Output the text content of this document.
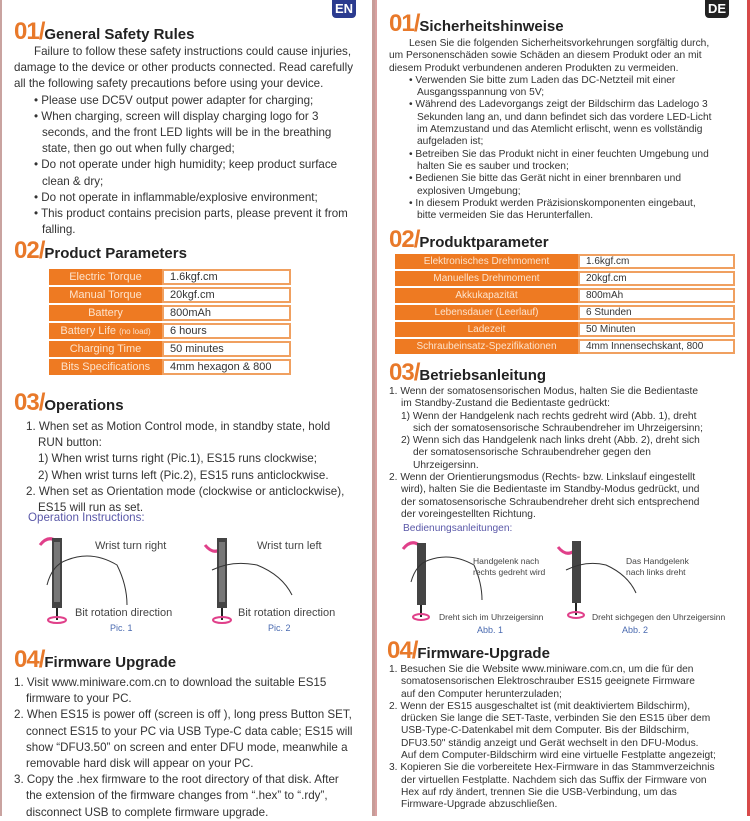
EN
01/General Safety Rules
Failure to follow these safety instructions could cause injuries,
damage to the device or other products connected. Read carefully
all the following safety precautions before using your device.
• Please use DC5V output power adapter for charging;
• When charging, screen will display charging logo for 3
seconds, and the front LED lights will be in the breathing
state, then go out when fully charged;
• Do not operate under high humidity; keep product surface
clean & dry;
• Do not operate in inflammable/explosive environment;
• This product contains precision parts, please prevent it from
falling.
02/Product Parameters
Electric Torque	1.6kgf.cm
Manual Torque	20kgf.cm
Battery	800mAh
Battery Life (no load)	6 hours
Charging Time	50 minutes
Bits Specifications	4mm hexagon & 800
03/Operations
1. When set as Motion Control mode, in standby state, hold
RUN button:
1) When wrist turns right (Pic.1), ES15 runs clockwise;
2) When wrist turns left (Pic.2), ES15 runs anticlockwise.
2. When set as Orientation mode (clockwise or anticlockwise),
ES15 will run as set.
Operation Instructions:
Wrist turn right
Bit rotation direction
Pic. 1
Wrist turn left
Bit rotation direction
Pic. 2
04/Firmware Upgrade
1. Visit www.miniware.com.cn to download the suitable ES15
firmware to your PC.
2. When ES15 is power off (screen is off ), long press Button SET,
connect ES15 to your PC via USB Type-C data cable; ES15 will
show “DFU3.50” on screen and enter DFU mode, meanwhile a
removable hard disk will appear on your PC.
3. Copy the .hex firmware to the root directory of that disk. After
the extension of the firmware changes from “.hex” to “.rdy”,
disconnect USB to complete firmware upgrade.
DE
01/Sicherheitshinweise
Lesen Sie die folgenden Sicherheitsvorkehrungen sorgfältig durch,
um Personenschäden sowie Schäden an diesem Produkt oder an mit
diesem Produkt verbundenen anderen Produkten zu vermeiden.
• Verwenden Sie bitte zum Laden das DC-Netzteil mit einer
Ausgangsspannung von 5V;
• Während des Ladevorgangs zeigt der Bildschirm das Ladelogo 3
Sekunden lang an, und dann befindet sich das vordere LED-Licht
im Atemzustand und das Atemlicht erlischt, wenn es vollständig
aufgeladen ist;
• Betreiben Sie das Produkt nicht in einer feuchten Umgebung und
halten Sie es sauber und trocken;
• Bedienen Sie bitte das Gerät nicht in einer brennbaren und
explosiven Umgebung;
• In diesem Produkt werden Präzisionskomponenten eingebaut,
bitte vermeiden Sie das Herunterfallen.
02/Produktparameter
Elektronisches Drehmoment	1.6kgf.cm
Manuelles Drehmoment	20kgf.cm
Akkukapazität	800mAh
Lebensdauer (Leerlauf)	6 Stunden
Ladezeit	50 Minuten
Schraubeinsatz-Spezifikationen	4mm Innensechskant, 800
03/Betriebsanleitung
1. Wenn der somatosensorischen Modus, halten Sie die Bedientaste
im Standby-Zustand die Bedientaste gedrückt:
1) Wenn der Handgelenk nach rechts gedreht wird (Abb. 1), dreht
sich der somatosensorische Schraubendreher im Uhrzeigersinn;
2) Wenn sich das Handgelenk nach links dreht (Abb. 2), dreht sich
der somatosensorische Schraubendreher gegen den
Uhrzeigersinn.
2. Wenn der Orientierungsmodus (Rechts- bzw. Linkslauf eingestellt
wird), halten Sie die Bedientaste im Standby-Modus gedrückt, und
der somatosensorische Schraubendreher dreht sich entsprechend
der voreingestellten Richtung.
Bedienungsanleitungen:
Handgelenk nach
rechts gedreht wird
Dreht sich im Uhrzeigersinn
Abb. 1
Das Handgelenk
nach links dreht
Dreht sichgegen den Uhrzeigersinn
Abb. 2
04/Firmware-Upgrade
1. Besuchen Sie die Website www.miniware.com.cn, um die für den
somatosensorischen Elektroschrauber ES15 geeignete Firmware
auf den Computer herunterzuladen;
2. Wenn der ES15 ausgeschaltet ist (mit deaktiviertem Bildschirm),
drücken Sie lange die SET-Taste, verbinden Sie den ES15 über dem
USB-Type-C-Datenkabel mit dem Computer. Bis der Bildschirm,
DFU3.50" ständig anzeigt und Gerät wechselt in den DFU-Modus.
Auf dem Computer-Bildschirm wird eine virtuelle Festplatte angezeigt;
3. Kopieren Sie die vorbereitete Hex-Firmware in das Stammverzeichnis
der virtuellen Festplatte. Nachdem sich das Suffix der Firmware von
Hex auf rdy ändert, trennen Sie die USB-Verbindung, um das
Firmware-Upgrade abzuschließen.
